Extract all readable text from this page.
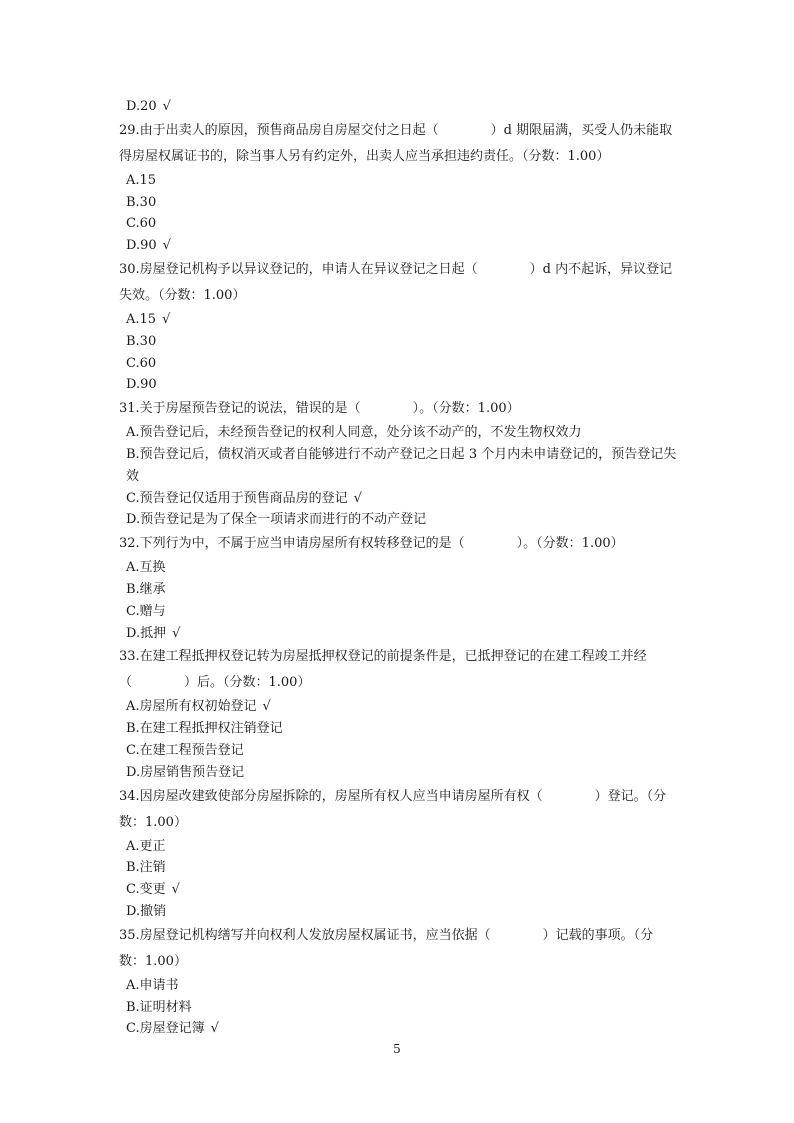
D.20 √
29.由于出卖人的原因，预售商品房自房屋交付之日起（　　　　）d 期限届满，买受人仍未能取得房屋权属证书的，除当事人另有约定外，出卖人应当承担违约责任。（分数：1.00）
A.15
B.30
C.60
D.90 √
30.房屋登记机构予以异议登记的，申请人在异议登记之日起（　　　　）d 内不起诉，异议登记失效。（分数：1.00）
A.15 √
B.30
C.60
D.90
31.关于房屋预告登记的说法，错误的是（　　　　）。（分数：1.00）
A.预告登记后，未经预告登记的权利人同意，处分该不动产的，不发生物权效力
B.预告登记后，债权消灭或者自能够进行不动产登记之日起 3 个月内未申请登记的，预告登记失效
C.预告登记仅适用于预售商品房的登记 √
D.预告登记是为了保全一项请求而进行的不动产登记
32.下列行为中，不属于应当申请房屋所有权转移登记的是（　　　　）。（分数：1.00）
A.互换
B.继承
C.赠与
D.抵押 √
33.在建工程抵押权登记转为房屋抵押权登记的前提条件是，已抵押登记的在建工程竣工并经（　　　　）后。（分数：1.00）
A.房屋所有权初始登记 √
B.在建工程抵押权注销登记
C.在建工程预告登记
D.房屋销售预告登记
34.因房屋改建致使部分房屋拆除的，房屋所有权人应当申请房屋所有权（　　　　）登记。（分数：1.00）
A.更正
B.注销
C.变更 √
D.撤销
35.房屋登记机构缮写并向权利人发放房屋权属证书，应当依据（　　　　）记载的事项。（分数：1.00）
A.申请书
B.证明材料
C.房屋登记簿 √
5
